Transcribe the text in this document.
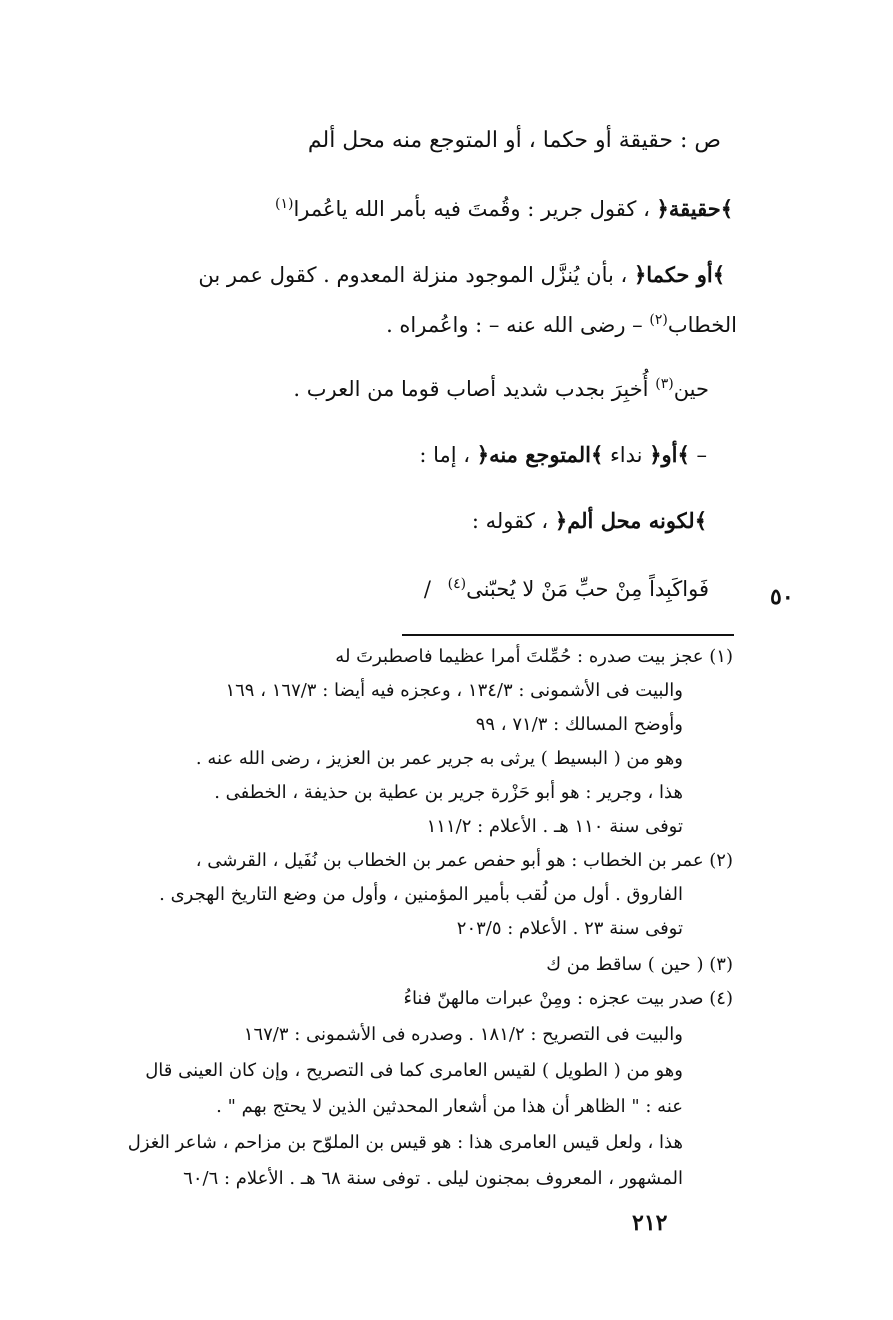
ص : حقيقة أو حكما ، أو المتوجع منه محل ألم
﴾حقيقة﴿ ، كقول جرير : وقُمتَ فيه بأمر الله ياعُمرا$^{(١)}$
﴾أو حكما﴿ ، بأن يُنزَّل الموجود منزلة المعدوم . كقول عمر بن
الخطاب$^{(٢)}$ – رضى الله عنه – : واعُمراه .
حين$^{(٣)}$ أُخبِرَ بجدب شديد أصاب قوما من العرب .
– ﴾أو﴿ نداء ﴾المتوجع منه﴿ ، إما :
﴾لكونه محل ألم﴿ ، كقوله :
فَواكَبِداً مِنْ حبِّ مَنْ لا يُحبّنى$^{(٤)}$ /	٥٠
(١) عجز بيت صدره : حُمِّلتَ أمرا عظيما فاصطبرتَ له
والبيت فى الأشمونى : ١٣٤/٣ ، وعجزه فيه أيضا : ١٦٧/٣ ، ١٦٩
وأوضح المسالك : ٧١/٣ ، ٩٩
وهو من ( البسيط ) يرثى به جرير عمر بن العزيز ، رضى الله عنه .
هذا ، وجرير : هو أبو حَزْرة جرير بن عطية بن حذيفة ، الخطفى .
توفى سنة ١١٠ هـ . الأعلام : ١١١/٢
(٢) عمر بن الخطاب : هو أبو حفص عمر بن الخطاب بن نُفَيل ، القرشى ،
الفاروق . أول من لُقب بأمير المؤمنين ، وأول من وضع التاريخ الهجرى .
توفى سنة ٢٣ . الأعلام : ٢٠٣/٥
(٣) ( حين ) ساقط من ك
(٤) صدر بيت عجزه : ومِنْ عبرات مالهنّ فناءُ
والبيت فى التصريح : ١٨١/٢ . وصدره فى الأشمونى : ١٦٧/٣
وهو من ( الطويل ) لقيس العامرى كما فى التصريح ، وإن كان العينى قال
عنه : " الظاهر أن هذا من أشعار المحدثين الذين لا يحتج بهم " .
هذا ، ولعل قيس العامرى هذا : هو قيس بن الملوّح بن مزاحم ، شاعر الغزل
المشهور ، المعروف بمجنون ليلى . توفى سنة ٦٨ هـ . الأعلام : ٦٠/٦
٢١٢
